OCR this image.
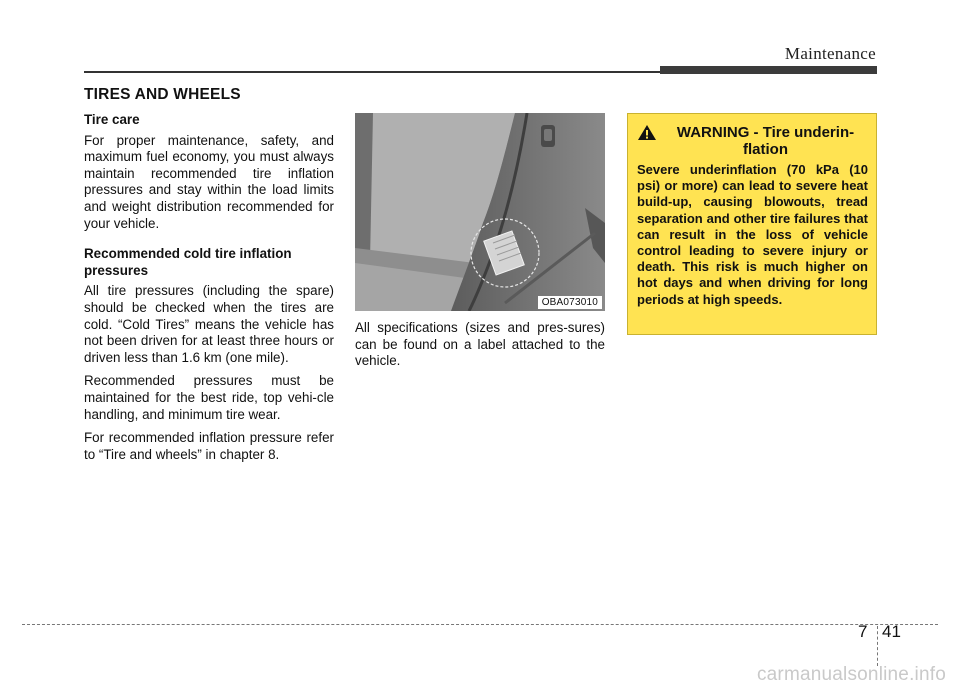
Maintenance
TIRES AND WHEELS
Tire care

For proper maintenance, safety, and maximum fuel economy, you must always maintain recommended tire inflation pressures and stay within the load limits and weight distribution recommended for your vehicle.

Recommended cold tire inflation pressures

All tire pressures (including the spare) should be checked when the tires are cold. “Cold Tires” means the vehicle has not been driven for at least three hours or driven less than 1.6 km (one mile).

Recommended pressures must be maintained for the best ride, top vehi-cle handling, and minimum tire wear.

For recommended inflation pressure refer to “Tire and wheels” in chapter 8.

OBA073010

All specifications (sizes and pres-sures) can be found on a label attached to the vehicle.

WARNING - Tire underin-flation
Severe underinflation (70 kPa (10 psi) or more) can lead to severe heat build-up, causing blowouts, tread separation and other tire failures that can result in the loss of vehicle control leading to severe injury or death. This risk is much higher on hot days and when driving for long periods at high speeds.
7 41
carmanualsonline.info
